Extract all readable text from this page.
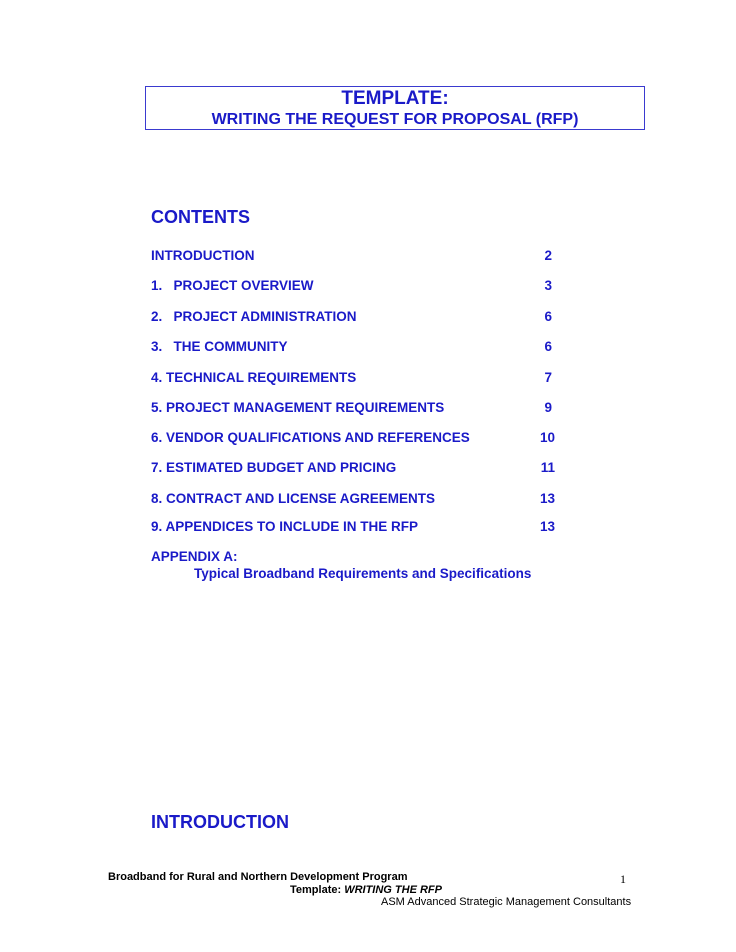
TEMPLATE:
WRITING THE REQUEST FOR PROPOSAL (RFP)
CONTENTS
INTRODUCTION	2
1.   PROJECT OVERVIEW	3
2.   PROJECT ADMINISTRATION	6
3.   THE COMMUNITY	6
4. TECHNICAL REQUIREMENTS	7
5. PROJECT MANAGEMENT REQUIREMENTS	9
6. VENDOR QUALIFICATIONS AND REFERENCES	10
7. ESTIMATED BUDGET AND PRICING	11
8. CONTRACT AND LICENSE AGREEMENTS	13
9. APPENDICES TO INCLUDE IN THE RFP	13
APPENDIX A:
Typical Broadband Requirements and Specifications
INTRODUCTION
Broadband for Rural and Northern Development Program	1
Template: WRITING THE RFP
ASM Advanced Strategic Management Consultants
